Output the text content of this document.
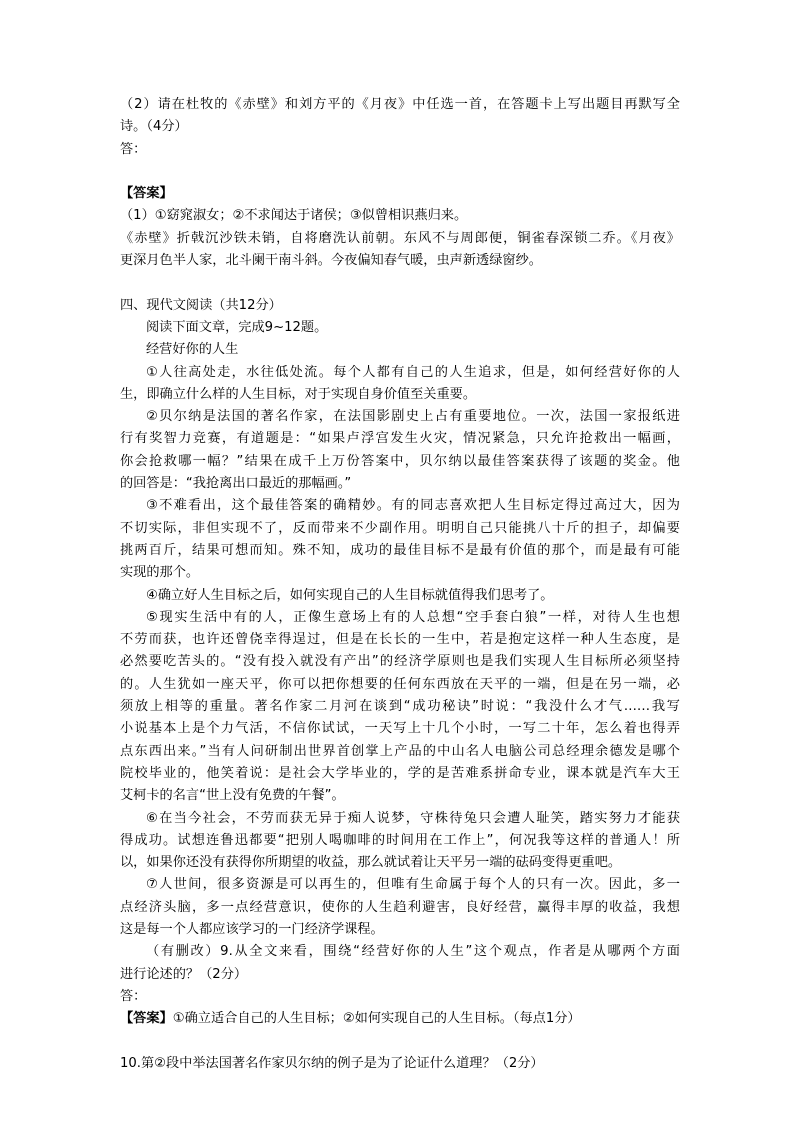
（2）请在杜牧的《赤壁》和刘方平的《月夜》中任选一首，在答题卡上写出题目再默写全
诗。（4分）
答：
【答案】
（1）①窈窕淑女；②不求闻达于诸侯；③似曾相识燕归来。
《赤壁》折戟沉沙铁未销，自将磨洗认前朝。东风不与周郎便，铜雀春深锁二乔。《月夜》
更深月色半人家，北斗阑干南斗斜。今夜偏知春气暖，虫声新透绿窗纱。
四、现代文阅读（共12分）
阅读下面文章，完成9~12题。
经营好你的人生
①人往高处走，水往低处流。每个人都有自己的人生追求，但是，如何经营好你的人
生，即确立什么样的人生目标，对于实现自身价值至关重要。
②贝尔纳是法国的著名作家，在法国影剧史上占有重要地位。一次，法国一家报纸进
行有奖智力竞赛，有道题是：“如果卢浮宫发生火灾，情况紧急，只允许抢救出一幅画，
你会抢救哪一幅？”结果在成千上万份答案中，贝尔纳以最佳答案获得了该题的奖金。他
的回答是：“我抢离出口最近的那幅画。”
③不难看出，这个最佳答案的确精妙。有的同志喜欢把人生目标定得过高过大，因为
不切实际，非但实现不了，反而带来不少副作用。明明自己只能挑八十斤的担子，却偏要
挑两百斤，结果可想而知。殊不知，成功的最佳目标不是最有价值的那个，而是最有可能
实现的那个。
④确立好人生目标之后，如何实现自己的人生目标就值得我们思考了。
⑤现实生活中有的人，正像生意场上有的人总想“空手套白狼”一样，对待人生也想
不劳而获，也许还曾侥幸得逞过，但是在长长的一生中，若是抱定这样一种人生态度，是
必然要吃苦头的。“没有投入就没有产出”的经济学原则也是我们实现人生目标所必须坚持
的。人生犹如一座天平，你可以把你想要的任何东西放在天平的一端，但是在另一端，必
须放上相等的重量。著名作家二月河在谈到“成功秘诀”时说：“我没什么才气……我写
小说基本上是个力气活，不信你试试，一天写上十几个小时，一写二十年，怎么着也得弄
点东西出来。”当有人问研制出世界首创掌上产品的中山名人电脑公司总经理余德发是哪个
院校毕业的，他笑着说：是社会大学毕业的，学的是苦难系拼命专业，课本就是汽车大王
艾柯卡的名言“世上没有免费的午餐”。
⑥在当今社会，不劳而获无异于痴人说梦，守株待兔只会遭人耻笑，踏实努力才能获
得成功。试想连鲁迅都要“把别人喝咖啡的时间用在工作上”，何况我等这样的普通人！所
以，如果你还没有获得你所期望的收益，那么就试着让天平另一端的砝码变得更重吧。
⑦人世间，很多资源是可以再生的，但唯有生命属于每个人的只有一次。因此，多一
点经济头脑，多一点经营意识，使你的人生趋利避害，良好经营，赢得丰厚的收益，我想
这是每一个人都应该学习的一门经济学课程。
（有删改）9.从全文来看，围绕“经营好你的人生”这个观点，作者是从哪两个方面
进行论述的？（2分）
答：
【答案】①确立适合自己的人生目标；②如何实现自己的人生目标。（每点1分）
10.第②段中举法国著名作家贝尔纳的例子是为了论证什么道理？（2分）
